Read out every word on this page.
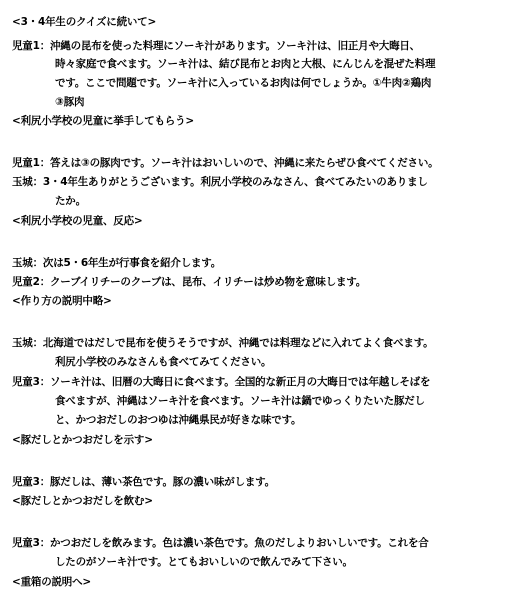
<3・4年生のクイズに続いて>
児童1：沖縄の昆布を使った料理にソーキ汁があります。ソーキ汁は、旧正月や大晦日、
時々家庭で食べます。ソーキ汁は、結び昆布とお肉と大根、にんじんを混ぜた料理
です。ここで問題です。ソーキ汁に入っているお肉は何でしょうか。①牛肉②鶏肉
③豚肉
<利尻小学校の児童に挙手してもらう>
児童1：答えは③の豚肉です。ソーキ汁はおいしいので、沖縄に来たらぜひ食べてください。
玉城：3・4年生ありがとうございます。利尻小学校のみなさん、食べてみたいのありまし
たか。
<利尻小学校の児童、反応>
玉城：次は5・6年生が行事食を紹介します。
児童2：クーブイリチーのクーブは、昆布、イリチーは炒め物を意味します。
<作り方の説明中略>
玉城：北海道ではだしで昆布を使うそうですが、沖縄では料理などに入れてよく食べます。
利尻小学校のみなさんも食べてみてください。
児童3：ソーキ汁は、旧暦の大晦日に食べます。全国的な新正月の大晦日では年越しそばを
食べますが、沖縄はソーキ汁を食べます。ソーキ汁は鍋でゆっくりたいた豚だし
と、かつおだしのおつゆは沖縄県民が好きな味です。
<豚だしとかつおだしを示す>
児童3：豚だしは、薄い茶色です。豚の濃い味がします。
<豚だしとかつおだしを飲む>
児童3：かつおだしを飲みます。色は濃い茶色です。魚のだしよりおいしいです。これを合
したのがソーキ汁です。とてもおいしいので飲んでみて下さい。
<重箱の説明へ>
